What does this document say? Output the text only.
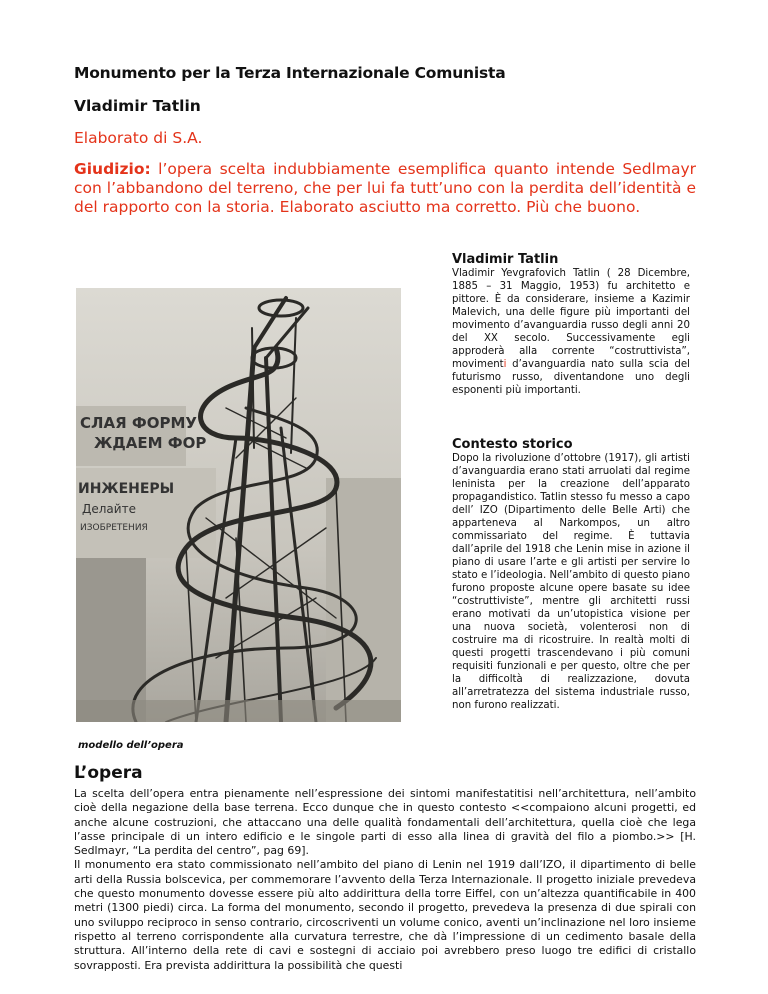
Monumento per la Terza Internazionale Comunista
Vladimir Tatlin
Elaborato di S.A.
Giudizio: l’opera scelta indubbiamente esemplifica quanto intende Sedlmayr con l’abbandono del terreno, che per lui fa tutt’uno con la perdita dell’identità e del rapporto con la storia. Elaborato asciutto ma corretto. Più che buono.
СЛАЯ ФОРМУ
ЖДАЕМ ФОР
ИНЖЕНЕРЫ
Делайте
ИЗОБРЕТЕНИЯ
modello dell’opera
Vladimir Tatlin
Vladimir Yevgrafovich Tatlin ( 28 Dicembre, 1885 – 31 Maggio, 1953) fu architetto e pittore. È da considerare, insieme a Kazimir Malevich, una delle figure più importanti del movimento d’avanguardia russo degli anni 20 del XX secolo. Successivamente egli approderà alla corrente “costruttivista”, movimenti d’avanguardia nato sulla scia del futurismo russo, diventandone uno degli esponenti più importanti.
Contesto storico
Dopo la rivoluzione d’ottobre (1917), gli artisti d’avanguardia erano stati arruolati dal regime leninista per la creazione dell’apparato propagandistico. Tatlin stesso fu messo a capo dell’ IZO (Dipartimento delle Belle Arti) che apparteneva al Narkompos, un altro commissariato del regime. È tuttavia dall’aprile del 1918 che Lenin mise in azione il piano di usare l’arte e gli artisti per servire lo stato e l’ideologia. Nell’ambito di questo piano furono proposte alcune opere basate su idee “costruttiviste”, mentre gli architetti russi erano motivati da un’utopistica visione per una nuova società, volenterosi non di costruire ma di ricostruire. In realtà molti di questi progetti trascendevano i più comuni requisiti funzionali e per questo, oltre che per la difficoltà di realizzazione, dovuta all’arretratezza del sistema industriale russo, non furono realizzati.
L’opera

La scelta dell’opera entra pienamente nell’espressione dei sintomi manifestatitisi nell’architettura, nell’ambito cioè della negazione della base terrena. Ecco dunque che in questo contesto <<compaiono alcuni progetti, ed anche alcune costruzioni, che attaccano una delle qualità fondamentali dell’architettura, quella cioè che lega l’asse principale di un intero edificio e le singole parti di esso alla linea di gravità del filo a piombo.>> [H. Sedlmayr, “La perdita del centro”, pag 69].

Il monumento era stato commissionato nell’ambito del piano di Lenin nel 1919 dall’IZO, il dipartimento di belle arti della Russia bolscevica, per commemorare l’avvento della Terza Internazionale. Il progetto iniziale prevedeva che questo monumento dovesse essere più alto addirittura della torre Eiffel, con un’altezza quantificabile in 400 metri (1300 piedi) circa. La forma del monumento, secondo il progetto, prevedeva la presenza di due spirali con uno sviluppo reciproco in senso contrario, circoscriventi un volume conico, aventi un’inclinazione nel loro insieme rispetto al terreno corrispondente alla curvatura terrestre, che dà l’impressione di un cedimento basale della struttura. All’interno della rete di cavi e sostegni di acciaio poi avrebbero preso luogo tre edifici di cristallo sovrapposti. Era prevista addirittura la possibilità che questi
